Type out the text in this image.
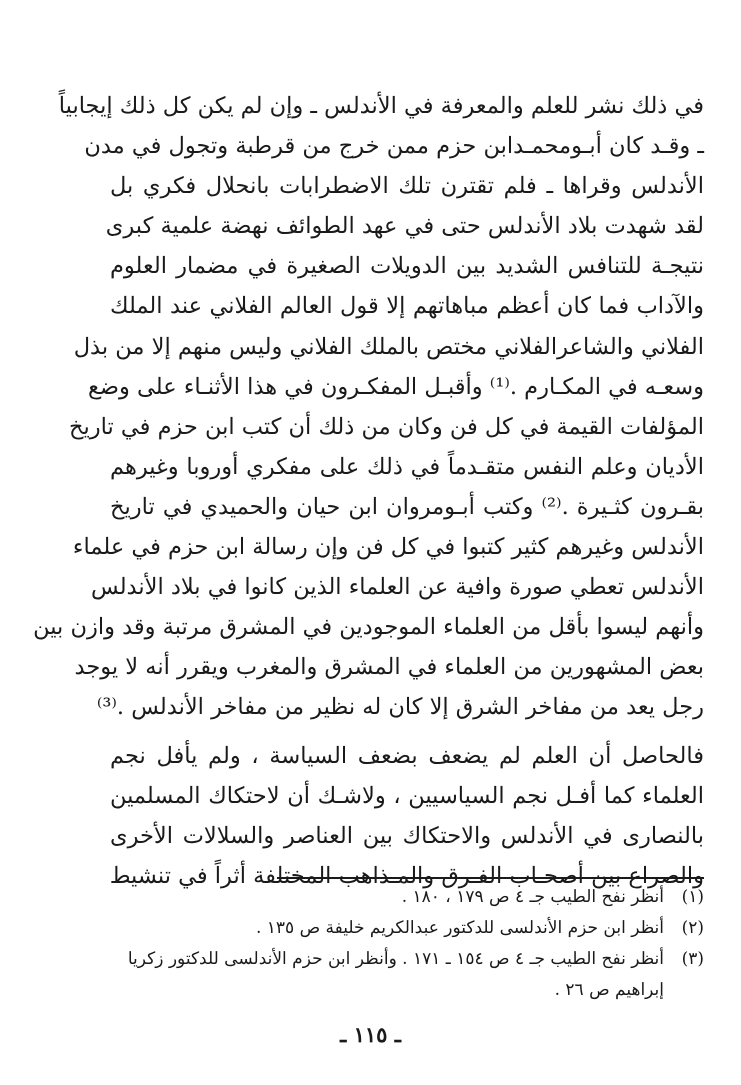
في ذلك نشر للعلم والمعرفة في الأندلس ـ وإن لم يكن كل ذلك إيجابياً
ـ وقـد كان أبـومحمـدابن حزم ممن خرج من قرطبة وتجول في مدن
الأندلس وقراها ـ فلم تقترن تلك الاضطرابات بانحلال فكري بل
لقد شهدت بلاد الأندلس حتى في عهد الطوائف نهضة علمية كبرى
نتيجـة للتنافس الشديد بين الدويلات الصغيرة في مضمار العلوم
والآداب فما كان أعظم مباهاتهم إلا قول العالم الفلاني عند الملك
الفلاني والشاعرالفلاني مختص بالملك الفلاني وليس منهم إلا من بذل
وسعـه في المكـارم .⁽¹⁾ وأقبـل المفكـرون في هذا الأثنـاء على وضع
المؤلفات القيمة في كل فن وكان من ذلك أن كتب ابن حزم في تاريخ
الأديان وعلم النفس متقـدماً في ذلك على مفكري أوروبا وغيرهم
بقـرون كثـيرة .⁽²⁾ وكتب أبـومروان ابن حيان والحميدي في تاريخ
الأندلس وغيرهم كثير كتبوا في كل فن وإن رسالة ابن حزم في علماء
الأندلس تعطي صورة وافية عن العلماء الذين كانوا في بلاد الأندلس
وأنهم ليسوا بأقل من العلماء الموجودين في المشرق مرتبة وقد وازن بين
بعض المشهورين من العلماء في المشرق والمغرب ويقرر أنه لا يوجد
رجل يعد من مفاخر الشرق إلا كان له نظير من مفاخر الأندلس .⁽³⁾
فالحاصل أن العلم لم يضعف بضعف السياسة ، ولم يأفل نجم
العلماء كما أفـل نجم السياسيين ، ولاشـك أن لاحتكاك المسلمين
بالنصارى في الأندلس والاحتكاك بين العناصر والسلالات الأخرى
والصراع بين أصحـاب الفـرق والمـذاهب المختلفة أثراً في تنشيط
(١)
أنظر نفح الطيب جـ ٤ ص ١٧٩ ، ١٨٠ .
(٢)
أنظر ابن حزم الأندلسى للدكتور عبدالكريم خليفة ص ١٣٥ .
(٣)
أنظر نفح الطيب جـ ٤ ص ١٥٤ ـ ١٧١ . وأنظر ابن حزم الأندلسى للدكتور زكريا إبراهيم ص ٢٦ .
ـ ١١٥ ـ
